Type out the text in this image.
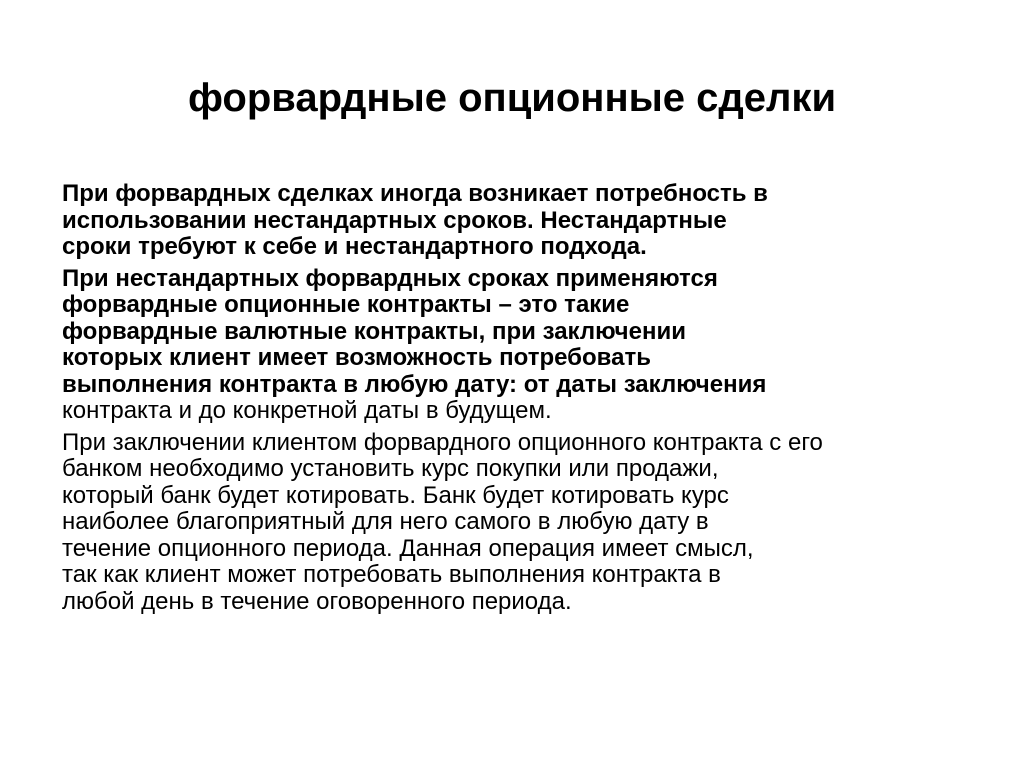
форвардные опционные сделки

При форвардных сделках иногда возникает потребность в
использовании нестандартных сроков. Нестандартные
сроки требуют к себе и нестандартного подхода.

При нестандартных форвардных сроках применяются
форвардные опционные контракты – это такие
форвардные валютные контракты, при заключении
которых клиент имеет возможность потребовать
выполнения контракта в любую дату: от даты заключения
контракта и до конкретной даты в будущем.

При заключении клиентом форвардного опционного контракта с его
банком необходимо установить курс покупки или продажи,
который банк будет котировать. Банк будет котировать курс
наиболее благоприятный для него самого в любую дату в
течение опционного периода. Данная операция имеет смысл,
так как клиент может потребовать выполнения контракта в
любой день в течение оговоренного периода.
